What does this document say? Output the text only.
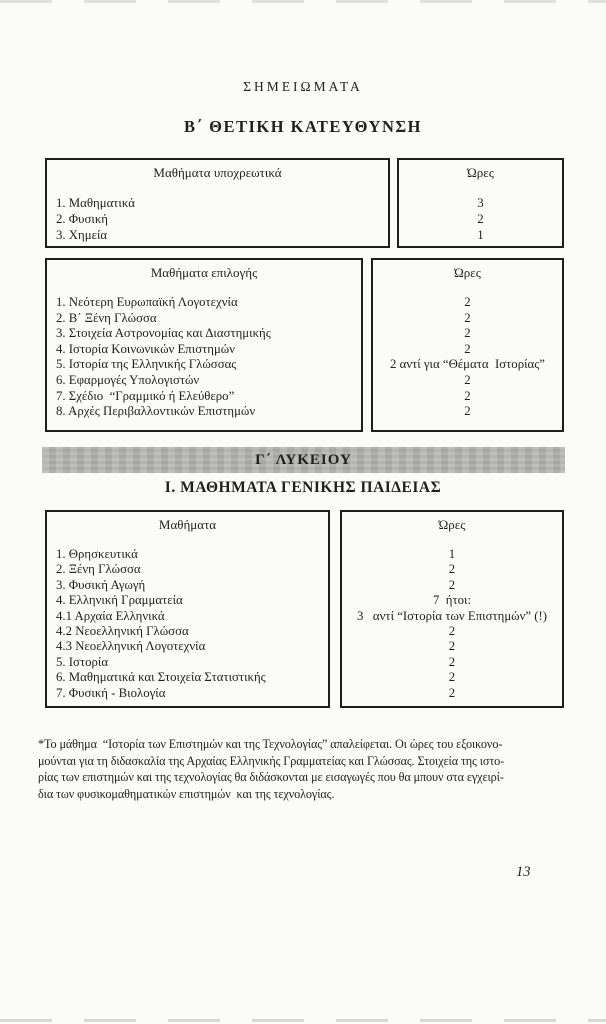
ΣΗΜΕΙΩΜΑΤΑ
Β΄ ΘΕΤΙΚΗ ΚΑΤΕΥΘΥΝΣΗ
Μαθήματα υποχρεωτικά
1. Μαθηματικά
2. Φυσική
3. Χημεία
Ώρες
3
2
1
Μαθήματα επιλογής
1. Νεότερη Ευρωπαϊκή Λογοτεχνία
2. Β΄ Ξένη Γλώσσα
3. Στοιχεία Αστρονομίας και Διαστημικής
4. Ιστορία Κοινωνικών Επιστημών
5. Ιστορία της Ελληνικής Γλώσσας
6. Εφαρμογές Υπολογιστών
7. Σχέδιο  “Γραμμικό ή Ελεύθερο”
8. Αρχές Περιβαλλοντικών Επιστημών
Ώρες
2
2
2
2
2 αντί για “Θέματα  Ιστορίας”
2
2
2
Γ΄ ΛΥΚΕΙΟΥ
Ι. ΜΑΘΗΜΑΤΑ ΓΕΝΙΚΗΣ ΠΑΙΔΕΙΑΣ
Μαθήματα
1. Θρησκευτικά
2. Ξένη Γλώσσα
3. Φυσική Αγωγή
4. Ελληνική Γραμματεία
4.1 Αρχαία Ελληνικά
4.2 Νεοελληνική Γλώσσα
4.3 Νεοελληνική Λογοτεχνία
5. Ιστορία
6. Μαθηματικά και Στοιχεία Στατιστικής
7. Φυσική - Βιολογία
Ώρες
1
2
2
7  ήτοι:
3   αντί “Ιστορία των Επιστημών” (!)
2
2
2
2
2
*Το μάθημα  “Ιστορία των Επιστημών και της Τεχνολογίας” απαλείφεται. Οι ώρες του εξοικονο-
μούνται για τη διδασκαλία της Αρχαίας Ελληνικής Γραμματείας και Γλώσσας. Στοιχεία της ιστο-
ρίας των επιστημών και της τεχνολογίας θα διδάσκονται με εισαγωγές που θα μπουν στα εγχειρί-
δια των φυσικομαθηματικών επιστημών  και της τεχνολογίας.
13
